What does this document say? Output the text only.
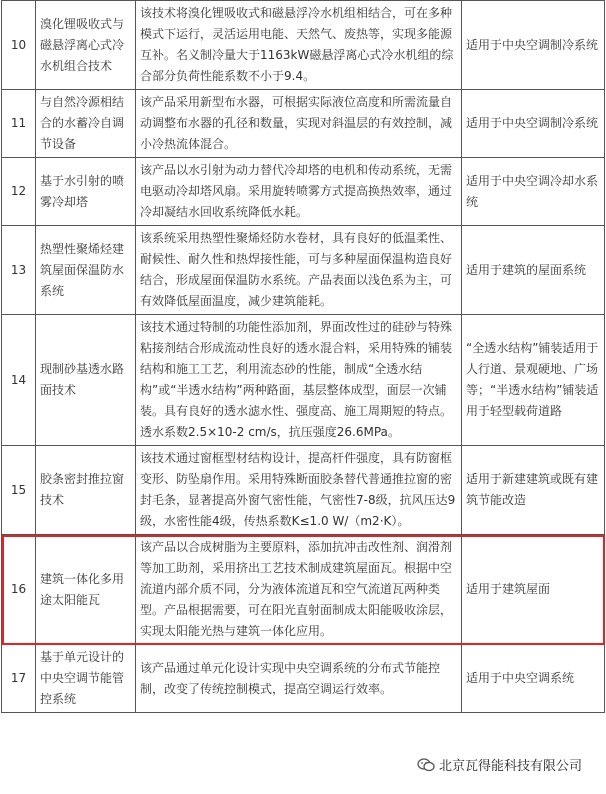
10	溴化锂吸收式与磁悬浮离心式冷水机组合技术	该技术将溴化锂吸收式和磁悬浮冷水机组相结合，可在多种模式下运行，灵活运用电能、天然气、废热等，实现多能源互补。名义制冷量大于1163kW磁悬浮离心式冷水机组的综合部分负荷性能系数不小于9.4。	适用于中央空调制冷系统

11	与自然冷源相结合的水蓄冷自调节设备	该产品采用新型布水器，可根据实际液位高度和所需流量自动调整布水器的孔径和数量，实现对斜温层的有效控制，减小冷热流体混合。	适用于中央空调制冷系统

12	基于水引射的喷雾冷却塔	该产品以水引射为动力替代冷却塔的电机和传动系统，无需电驱动冷却塔风扇。采用旋转喷雾方式提高换热效率，通过冷却凝结水回收系统降低水耗。	适用于中央空调冷却水系统

13	热塑性聚烯烃建筑屋面保温防水系统	该系统采用热塑性聚烯烃防水卷材，具有良好的低温柔性、耐候性、耐久性和热焊接性能，可与多种屋面保温构造良好结合，形成屋面保温防水系统。产品表面以浅色系为主，可有效降低屋面温度，减少建筑能耗。	适用于建筑的屋面系统

14	现制砂基透水路面技术	该技术通过特制的功能性添加剂，界面改性过的硅砂与特殊粘接剂结合形成流动性良好的透水混合料，采用特殊的铺装结构和施工工艺，利用流态砂的性能，制成“全透水结构”或“半透水结构”两种路面，基层整体成型，面层一次铺装。具有良好的透水滤水性、强度高、施工周期短的特点。透水系数2.5×10-2 cm/s，抗压强度26.6MPa。	“全透水结构”铺装适用于人行道、景观硬地、广场等；“半透水结构”铺装适用于轻型载荷道路

15	胶条密封推拉窗技术	该技术通过窗框型材结构设计，提高杆件强度，具有防窗框变形、防坠扇作用。采用特殊断面胶条替代普通推拉窗的密封毛条，显著提高外窗气密性能，气密性7-8级，抗风压达9级，水密性能4级，传热系数K≤1.0 W/（m2·K）。	适用于新建建筑或既有建筑节能改造

16	建筑一体化多用途太阳能瓦	该产品以合成树脂为主要原料，添加抗冲击改性剂、润滑剂等加工助剂，采用挤出工艺技术制成建筑屋面瓦。根据中空流道内部介质不同，分为液体流道瓦和空气流道瓦两种类型。产品根据需要，可在阳光直射面制成太阳能吸收涂层，实现太阳能光热与建筑一体化应用。	适用于建筑屋面

17	基于单元设计的中央空调节能管控系统	该产品通过单元化设计实现中央空调系统的分布式节能控制，改变了传统控制模式，提高空调运行效率。	适用于中央空调系统
北京瓦得能科技有限公司
